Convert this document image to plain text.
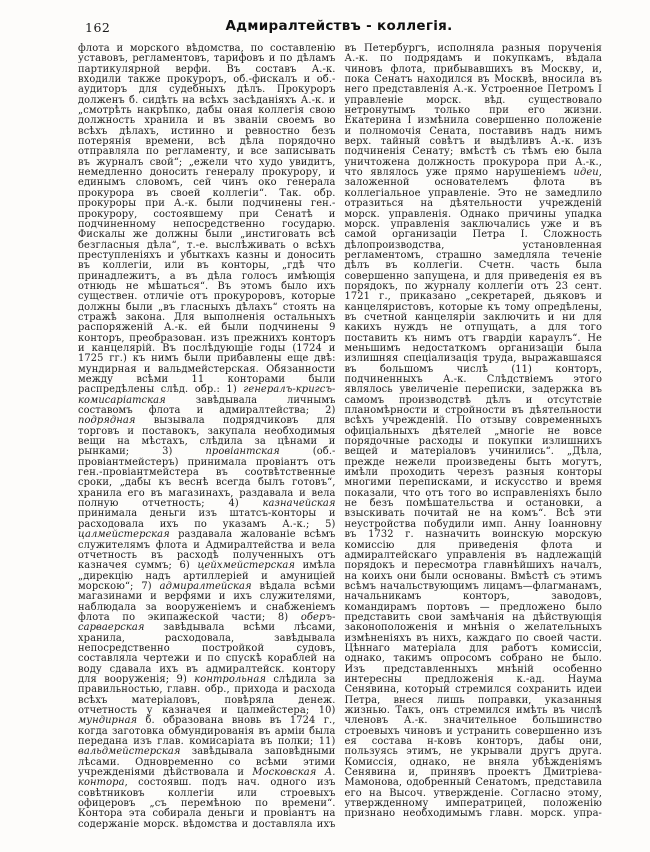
162	Адмиралтействъ - коллегія.

флота и морского вѣдомства, по составленію уставовъ, регламентовъ, тарифовъ и по дѣламъ партикулярной верфи. Въ составъ А.-к. входили также прокуроръ, об.-фискалъ и об.-аудиторъ для судебныхъ дѣлъ. Прокуроръ долженъ б. сидѣть на всѣхъ засѣданіяхъ А.-к. и „смотрѣть накрѣпко, дабы оная коллегія свою должность хранила и въ званіи своемъ во всѣхъ дѣлахъ, истинно и ревностно безъ потерянія времени, всѣ дѣла порядочно отправляла по регламенту, и все записывать въ журналъ свой“; „ежели что худо увидитъ, немедленно доносить генералу прокурору, и единымъ словомъ, сей чинъ око генерала прокурора въ своей коллегіи“. Так. обр. прокуроры при А.-к. были подчинены ген.-прокурору, состоявшему при Сенатѣ и подчиненному непосредственно государю. Фискалы же должны были „инстиговать всѣ безгласныя дѣла“, т.-е. выслѣживать о всѣхъ преступленіяхъ и убыткахъ казны и доносить въ коллегіи, или въ конторы, „гдѣ что принадлежитъ, а въ дѣла голосъ имѣющія отнюдь не мѣшаться“. Въ этомъ было ихъ существен. отличіе отъ прокуроровъ, которые должны были „въ гласныхъ дѣлахъ“ стоять на стражѣ закона. Для выполненія остальныхъ распоряженій А.-к. ей были подчинены 9 конторъ, преобразован. изъ прежнихъ конторъ и канцелярій. Въ послѣдующіе годы (1724 и 1725 гг.) къ нимъ были прибавлены еще двѣ: мундирная и вальдмейстерская. Обязанности между всѣми 11 конторами были распредѣлены слѣд. обр.: 1) генералъ-кригсъ-комисаріатская завѣдывала личнымъ составомъ флота и адмиралтейства; 2) подрядная вызывала подрядчиковъ для торговъ и поставокъ, закупала необходимыя вещи на мѣстахъ, слѣдила за цѣнами и рынками; 3) провіантская (об.-провіантмейстеръ) принимала провіантъ отъ ген.-провіантмейстера въ соотвѣтственные сроки, „дабы къ веснѣ всегда былъ готовъ“, хранила его въ магазинахъ, раздавала и вела полную отчетность; 4) казначейская принимала деньги изъ штатсъ-конторы и расходовала ихъ по указамъ А.-к.; 5) цалмейстерская раздавала жалованіе всѣмъ служителямъ флота и Адмиралтейства и вела отчетность въ расходѣ полученныхъ отъ казначея суммъ; 6) цейхмейстерская имѣла „дирекцію надъ артиллеріей и амуниціей морскою“; 7) адмиралтейская вѣдала всѣми магазинами и верфями и ихъ служителями, наблюдала за вооруженіемъ и снабженіемъ флота по экипажеской части; 8) оберъ-сарваерская завѣдывала всѣми лѣсами, хранила, расходовала, завѣдывала непосредственно постройкой судовъ, составляла чертежи и по спускѣ кораблей на воду сдавала ихъ въ адмиралтейск. контору для вооруженія; 9) контрольная слѣдила за правильностью, главн. обр., прихода и расхода всѣхъ матеріаловъ, повѣряла денеж. отчетность у казначея и цалмейстера; 10) мундирная б. образована вновь въ 1724 г., когда заготовка обмундированія въ арміи была передана изъ глав. комисаріата въ полки; 11) вальдмейстерская завѣдывала заповѣдными лѣсами. Одновременно со всѣми этими учрежденіями дѣйствовала и Московская А. контора, состоявш. подъ нач. одного изъ совѣтниковъ коллегіи или строевыхъ офицеровъ „съ перемѣною по времени“. Контора эта собирала деньги и провіантъ на содержаніе морск. вѣдомства и доставляла ихъ въ Петербургъ, исполняла разныя порученія А.-к. по подрядамъ и покупкамъ, вѣдала чиновъ флота, прибывавшихъ въ Москву, и, пока Сенатъ находился въ Москвѣ, вносила въ него представленія А.-к. Устроенное Петромъ I управленіе морск. вѣд. существовало нетронутымъ только при его жизни. Екатерина I измѣнила совершенно положеніе и полномочія Сената, поставивъ надъ нимъ верх. тайный совѣтъ и выдѣливъ А.-к. изъ подчиненія Сенату; вмѣстѣ съ тѣмъ ею была уничтожена должность прокурора при А.-к., что являлось уже прямо нарушеніемъ идеи, заложенной основателемъ флота въ коллегіальное управленіе. Это не замедлило отразиться на дѣятельности учрежденій морск. управленія. Однако причины упадка морск. управленія заключались уже и въ самой организаціи Петра I. Сложность дѣлопроизводства, установленная регламентомъ, страшно замедляла теченіе дѣлъ въ коллегіи. Счетн. часть была совершенно запущена, и для приведенія ея въ порядокъ, по журналу коллегіи отъ 23 сент. 1721 г., приказано „секретарей, дьяковъ и канцеляристовъ, которые къ тому опредѣлены, въ счетной канцеляріи заключить и ни для какихъ нуждъ не отпущать, а для того поставить къ нимъ отъ гвардіи караулъ“. Не меньшимъ недостаткомъ организаціи была излишняя спеціализація труда, выражавшаяся въ большомъ числѣ (11) конторъ, подчиненныхъ А.-к. Слѣдствіемъ этого являлось увеличеніе переписки, задержка въ самомъ производствѣ дѣлъ и отсутствіе планомѣрности и стройности въ дѣятельности всѣхъ учрежденій. По отзыву современныхъ офиціальныхъ дѣятелей „многіе не вовсе порядочные расходы и покупки излишнихъ вещей и матеріаловъ учинились“. „Дѣла, прежде нежели произведены быть могутъ, имѣли проходить черезъ разныя конторы многими переписками, и искусство и время показали, что отъ того во исправленіяхъ было не безъ помѣшательства и остановки, а взыскивать почитай не на комъ“. Всѣ эти неустройства побудили имп. Анну Іоанновну въ 1732 г. назначить воинскую морскую комиссію для приведенія флота и адмиралтейскаго управленія въ надлежащій порядокъ и пересмотра главнѣйшихъ началъ, на коихъ они были основаны. Вмѣстѣ съ этимъ всѣмъ начальствующимъ лицамъ—флагманамъ, начальникамъ конторъ, заводовъ, командирамъ портовъ — предложено было представить свои замѣчанія на дѣйствующія законоположенія и мнѣнія о желательныхъ измѣненіяхъ въ нихъ, каждаго по своей части. Цѣннаго матеріала для работъ комиссіи, однако, такимъ опросомъ собрано не было. Изъ представленныхъ мнѣній особенно интересны предложенія к.-ад. Наума Сенявина, который стремился сохранить идеи Петра, внеся лишь поправки, указанныя жизнью. Такъ, онъ стремился имѣть въ числѣ членовъ А.-к. значительное большинство строевыхъ чиновъ и устранить совершенно изъ ея состава н-ковъ конторъ, дабы они, пользуясь этимъ, не укрывали другъ друга. Комиссія, однако, не вняла убѣжденіямъ Сенявина и, принявъ проектъ Дмитріева-Мамонова, одобренный Сенатомъ, представила его на Высоч. утвержденіе. Согласно этому, утвержденному императрицей, положенію признано необходимымъ главн. морск. упра-
